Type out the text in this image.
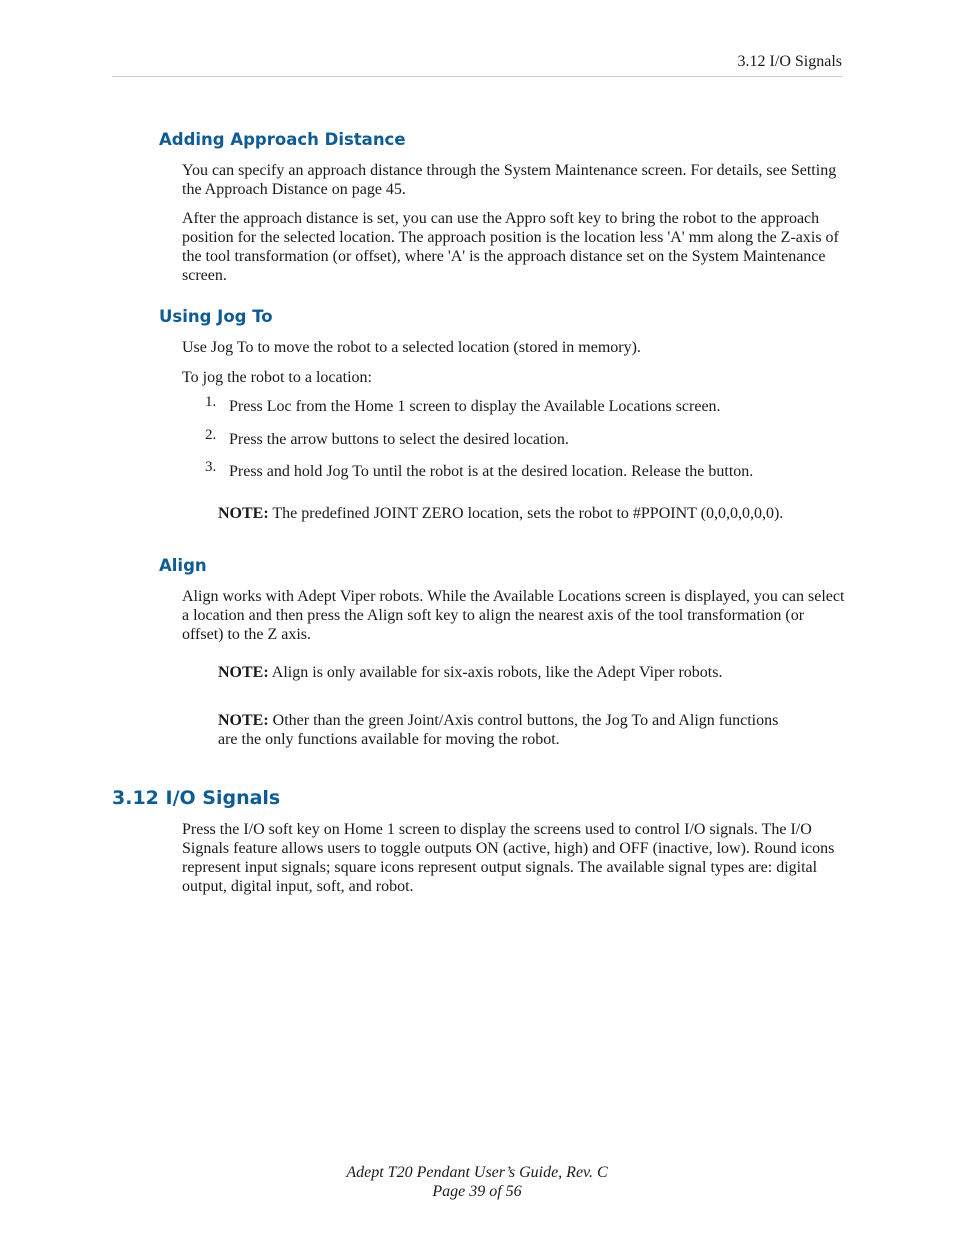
3.12 I/O Signals
Adding Approach Distance

You can specify an approach distance through the System Maintenance screen. For details, see Setting the Approach Distance on page 45.

After the approach distance is set, you can use the Appro soft key to bring the robot to the approach position for the selected location. The approach position is the location less 'A' mm along the Z-axis of the tool transformation (or offset), where 'A' is the approach distance set on the System Maintenance screen.

Using Jog To

Use Jog To to move the robot to a selected location (stored in memory).

To jog the robot to a location:

1. Press Loc from the Home 1 screen to display the Available Locations screen.
2. Press the arrow buttons to select the desired location.
3. Press and hold Jog To until the robot is at the desired location. Release the button.

NOTE: The predefined JOINT ZERO location, sets the robot to #PPOINT (0,0,0,0,0,0).

Align

Align works with Adept Viper robots. While the Available Locations screen is displayed, you can select a location and then press the Align soft key to align the nearest axis of the tool transformation (or offset) to the Z axis.

NOTE: Align is only available for six-axis robots, like the Adept Viper robots.

NOTE: Other than the green Joint/Axis control buttons, the Jog To and Align functions are the only functions available for moving the robot.

3.12 I/O Signals

Press the I/O soft key on Home 1 screen to display the screens used to control I/O signals. The I/O Signals feature allows users to toggle outputs ON (active, high) and OFF (inactive, low). Round icons represent input signals; square icons represent output signals. The available signal types are: digital output, digital input, soft, and robot.

Adept T20 Pendant User’s Guide, Rev. C
Page 39 of 56
